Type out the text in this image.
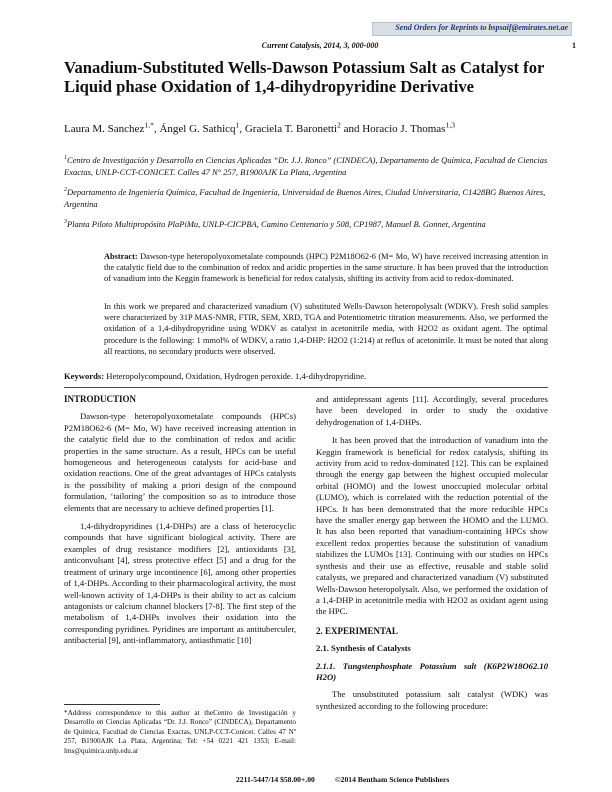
Send Orders for Reprints to bspsaif@emirates.net.ae
Current Catalysis, 2014, 3, 000-000	1
Vanadium-Substituted Wells-Dawson Potassium Salt as Catalyst for Liquid phase Oxidation of 1,4-dihydropyridine Derivative
Laura M. Sanchez$^{1,*}$, Ángel G. Sathicq$^1$, Graciela T. Baronetti$^2$ and Horacio J. Thomas$^{1,3}$
$^1$Centro de Investigación y Desarrollo en Ciencias Aplicadas “Dr. J.J. Ronco” (CINDECA), Departamento de Química, Facultad de Ciencias Exactas, UNLP-CCT-CONICET. Calles 47 N° 257, B1900AJK La Plata, Argentina
$^2$Departamento de Ingeniería Química, Facultad de Ingeniería, Universidad de Buenos Aires, Ciudad Universitaria, C1428BG Buenos Aires, Argentina
$^3$Planta Piloto Multipropósito PlaPiMu, UNLP-CICPBA, Camino Centenario y 508, CP1987, Manuel B. Gonnet, Argentina
Abstract: Dawson-type heteropolyoxometalate compounds (HPC) P2M18O62-6 (M= Mo, W) have received increasing attention in the catalytic field due to the combination of redox and acidic properties in the same structure. It has been proved that the introduction of vanadium into the Keggin framework is beneficial for redox catalysis, shifting its activity from acid to redox-dominated.
In this work we prepared and characterized vanadium (V) substituted Wells-Dawson heteropolysalt (WDKV). Fresh solid samples were characterized by 31P MAS-NMR, FTIR, SEM, XRD, TGA and Potentiometric titration measurements. Also, we performed the oxidation of a 1,4-dihydropyridine using WDKV as catalyst in acetonitrile media, with H2O2 as oxidant agent. The optimal procedure is the following: 1 mmol% of WDKV, a ratio 1,4-DHP: H2O2 (1:214) at reflux of acetonitrile. It must be noted that along all reactions, no secondary products were observed.
Keywords: Heteropolycompound, Oxidation, Hydrogen peroxide. 1,4-dihydropyridine.
INTRODUCTION

Dawson-type heteropolyoxometalate compounds (HPCs) P2M18O62-6 (M= Mo, W) have received increasing attention in the catalytic field due to the combination of redox and acidic properties in the same structure. As a result, HPCs can be useful homogeneous and heterogeneous catalysts for acid-base and oxidation reactions. One of the great advantages of HPCs catalysts is the possibility of making a priori design of the compound formulation, ‘tailoring’ the composition so as to introduce those elements that are necessary to achieve defined properties [1].

1,4-dihydropyridines (1,4-DHPs) are a class of heterocyclic compounds that have significant biological activity. There are examples of drug resistance modifiers [2], antioxidants [3], anticonvulsant [4], stress protective effect [5] and a drug for the treatment of urinary urge incontinence [6], among other properties of 1,4-DHPs. According to their pharmacological activity, the most well-known activity of 1,4-DHPs is their ability to act as calcium antagonists or calcium channel blockers [7-8]. The first step of the metabolism of 1,4-DHPs involves their oxidation into the corresponding pyridines. Pyridines are important as antituberculer, antibacterial [9], anti-inflammatory, antiasthmatic [10]

and antidepressant agents [11]. Accordingly, several procedures have been developed in order to study the oxidative dehydrogenation of 1,4-DHPs.

It has been proved that the introduction of vanadium into the Keggin framework is beneficial for redox catalysis, shifting its activity from acid to redox-dominated [12]. This can be explained through the energy gap between the highest occupied molecular orbital (HOMO) and the lowest unoccupied molecular orbital (LUMO), which is correlated with the reduction potential of the HPCs. It has been demonstrated that the more reducible HPCs have the smaller energy gap between the HOMO and the LUMO. It has also been reported that vanadium-containing HPCs show excellent redox properties because the substitution of vanadium stabilizes the LUMOs [13]. Continuing with our studies on HPCs synthesis and their use as effective, reusable and stable solid catalysts, we prepared and characterized vanadium (V) substituted Wells-Dawson heteropolysalt. Also, we performed the oxidation of a 1,4-DHP in acetonitrile media with H2O2 as oxidant agent using the HPC.

2. EXPERIMENTAL
2.1. Synthesis of Catalysts
2.1.1. Tungstenphosphate Potassium salt (K6P2W18O62.10 H2O)

The unsubstituted potassium salt catalyst (WDK) was synthesized according to the following procedure:

*Address correspondence to this author at theCentro de Investigación y Desarrollo en Ciencias Aplicadas “Dr. J.J. Ronco” (CINDECA), Departamento de Química, Facultad de Ciencias Exactas, UNLP-CCT-Conicet. Calles 47 Nº 257, B1900AJK La Plata, Argentina; Tel: +54 0221 421 1353; E-mail: lms@quimica.unlp.edu.ar
2211-5447/14 $58.00+.00	©2014 Bentham Science Publishers
